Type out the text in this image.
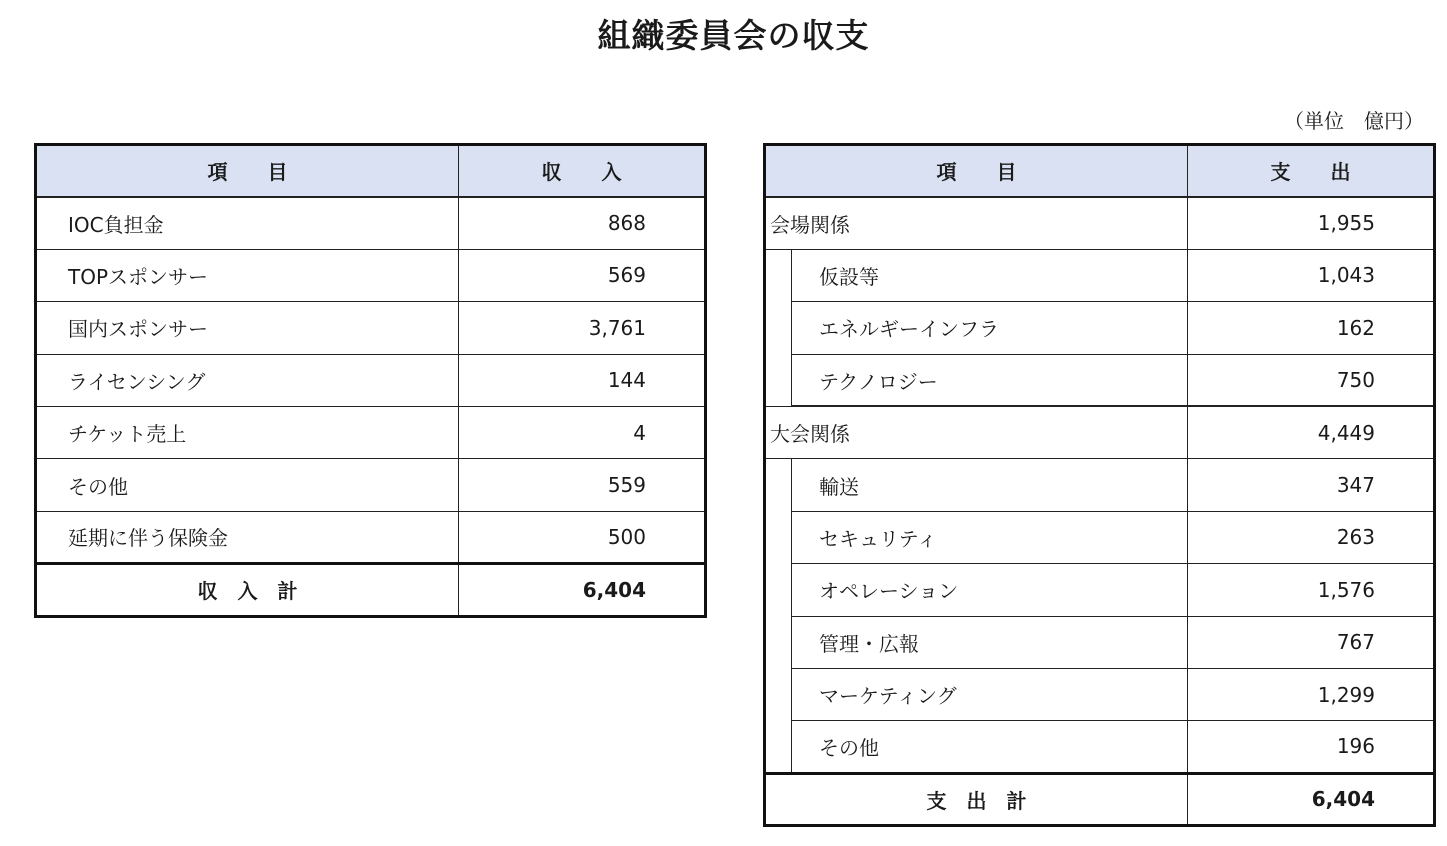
組織委員会の収支
（単位　億円）
項　　目	収　　入
IOC負担金	868
TOPスポンサー	569
国内スポンサー	3,761
ライセンシング	144
チケット売上	4
その他	559
延期に伴う保険金	500
収　入　計	6,404
項　　目		支　　出
会場関係		1,955
	仮設等	1,043
	エネルギーインフラ	162
	テクノロジー	750
大会関係		4,449
	輸送	347
	セキュリティ	263
	オペレーション	1,576
	管理・広報	767
	マーケティング	1,299
	その他	196
支　出　計		6,404
